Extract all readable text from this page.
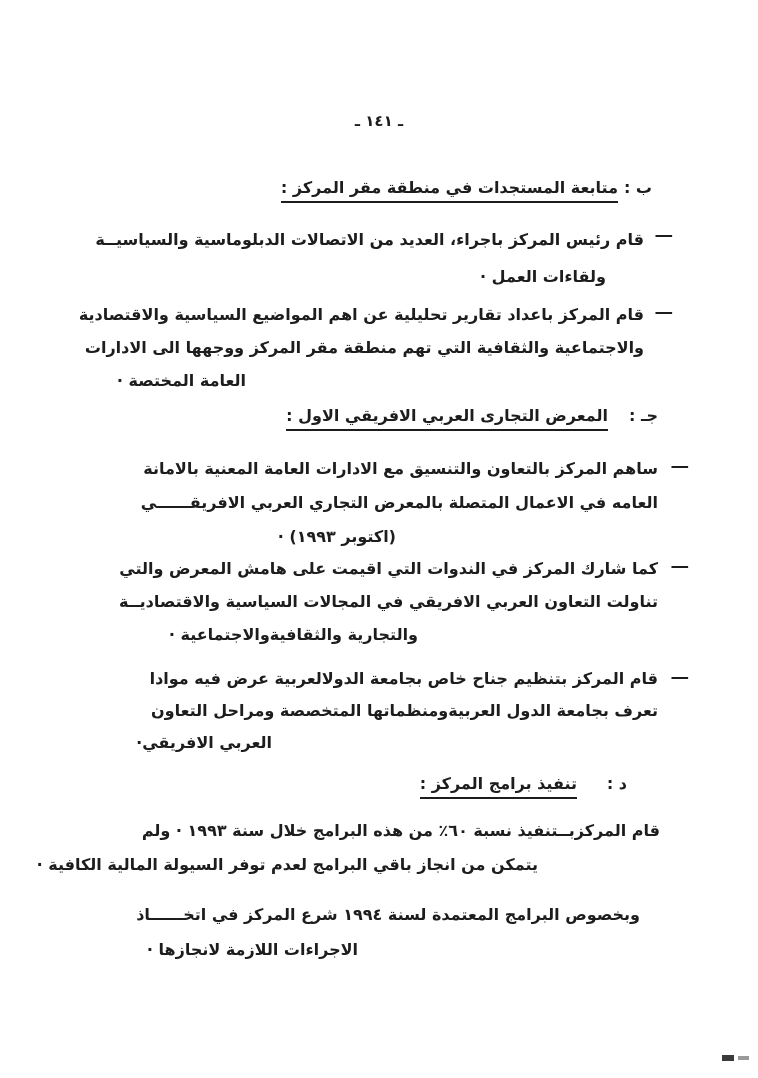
ـ ١٤١ ـ
ب :
متابعة المستجدات في منطقة مقر المركز :
ـــ
قام رئيس المركز باجراء، العديد من الاتصالات الدبلوماسية والسياسيــة
ولقاءات العمل ·
ـــ
قام المركز باعداد تقارير تحليلية عن اهم المواضيع السياسية والاقتصادية
والاجتماعية والثقافية التي تهم منطقة مقر المركز ووجهها الى الادارات
العامة المختصة ·
جـ :
المعرض التجارى العربي الافريقي الاول :
ـــ
ساهم المركز بالتعاون والتنسيق مع الادارات العامة المعنية بالامانة
العامه في الاعمال المتصلة بالمعرض التجاري العربي الافريقــــــي
(اكتوبر ١٩٩٣) ·
ـــ
كما شارك المركز في الندوات التي اقيمت على هامش المعرض والتي
تناولت التعاون العربي الافريقي في المجالات السياسية والاقتصاديــة
والتجارية والثقافيةوالاجتماعية ·
ـــ
قام المركز بتنظيم جناح خاص بجامعة الدولالعربية عرض فيه موادا
تعرف بجامعة الدول العربيةومنظماتها المتخصصة ومراحل التعاون
العربي الافريقي·
د :
تنفيذ برامج المركز :
قام المركزبــتنفيذ نسبة ٦٠٪ من هذه البرامج خلال سنة ١٩٩٣ · ولم
يتمكن من انجاز باقي البرامج لعدم توفر السيولة المالية الكافية ·
وبخصوص البرامج المعتمدة لسنة ١٩٩٤ شرع المركز في اتخــــــاذ
الاجراءات اللازمة لانجازها ·
